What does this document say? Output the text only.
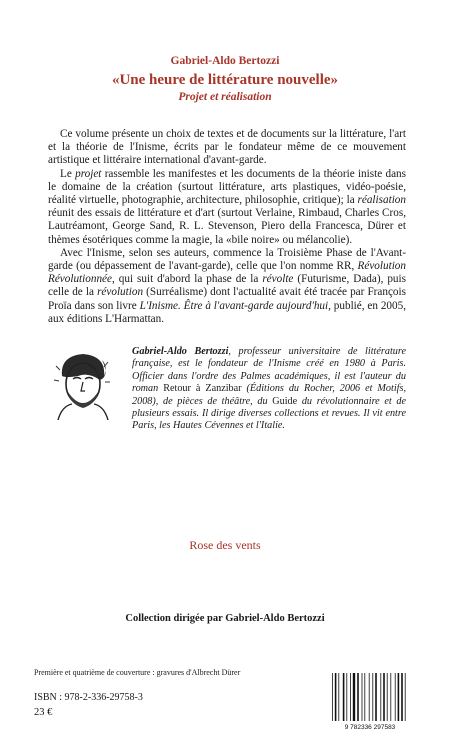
Gabriel-Aldo Bertozzi
«Une heure de littérature nouvelle»
Projet et réalisation

Ce volume présente un choix de textes et de documents sur la littérature, l'art et la théorie de l'Inisme, écrits par le fondateur même de ce mouvement artistique et littéraire international d'avant-garde.

Le projet rassemble les manifestes et les documents de la théorie iniste dans le domaine de la création (surtout littérature, arts plastiques, vidéo-poésie, réalité virtuelle, photographie, architecture, philosophie, critique); la réalisation réunit des essais de littérature et d'art (surtout Verlaine, Rimbaud, Charles Cros, Lautréamont, George Sand, R. L. Stevenson, Piero della Francesca, Dürer et thèmes ésotériques comme la magie, la «bile noire» ou mélancolie).

Avec l'Inisme, selon ses auteurs, commence la Troisième Phase de l'Avant-garde (ou dépassement de l'avant-garde), celle que l'on nomme RR, Révolution Révolutionnée, qui suit d'abord la phase de la révolte (Futurisme, Dada), puis celle de la révolution (Surréalisme) dont l'actualité avait été tracée par François Proïa dans son livre L'Inisme. Être à l'avant-garde aujourd'hui, publié, en 2005, aux éditions L'Harmattan.

Gabriel-Aldo Bertozzi, professeur universitaire de littérature française, est le fondateur de l'Inisme créé en 1980 à Paris. Officier dans l'ordre des Palmes académiques, il est l'auteur du roman Retour à Zanzibar (Éditions du Rocher, 2006 et Motifs, 2008), de pièces de théâtre, du Guide du révolutionnaire et de plusieurs essais. Il dirige diverses collections et revues. Il vit entre Paris, les Hautes Cévennes et l'Italie.
Rose des vents
Collection dirigée par Gabriel-Aldo Bertozzi
Première et quatrième de couverture : gravures d'Albrecht Dürer
ISBN : 978-2-336-29758-3
23 €
9 782336 297583
